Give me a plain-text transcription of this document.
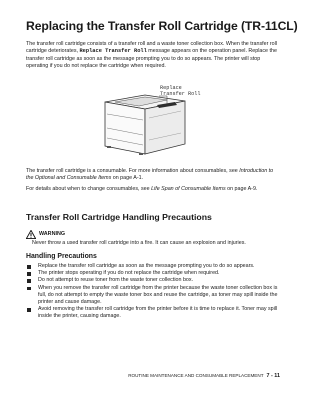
Replacing the Transfer Roll Cartridge (TR-11CL)

The transfer roll cartridge consists of a transfer roll and a waste toner collection box. When the transfer roll cartridge deteriorates, Replace Transfer Roll message appears on the operation panel. Replace the transfer roll cartridge as soon as the message prompting you to do so appears. The printer will stop operating if you do not replace the cartridge when required.

Replace
Transfer Roll

The transfer roll cartridge is a consumable. For more information about consumables, see Introduction to the Optional and Consumable Items on page A-1.

For details about when to change consumables, see Life Span of Consumable Items on page A-9.

Transfer Roll Cartridge Handling Precautions

WARNING

Never throw a used transfer roll cartridge into a fire. It can cause an explosion and injuries.

Handling Precautions
Replace the transfer roll cartridge as soon as the message prompting you to do so appears.
The printer stops operating if you do not replace the cartridge when required.
Do not attempt to reuse toner from the waste toner collection box.
When you remove the transfer roll cartridge from the printer because the waste toner collection box is full, do not attempt to empty the waste toner box and reuse the cartridge, as toner may spill inside the printer and cause damage.
Avoid removing the transfer roll cartridge from the printer before it is time to replace it. Toner may spill inside the printer, causing damage.

ROUTINE MAINTENANCE AND CONSUMABLE REPLACEMENT 7 - 11
